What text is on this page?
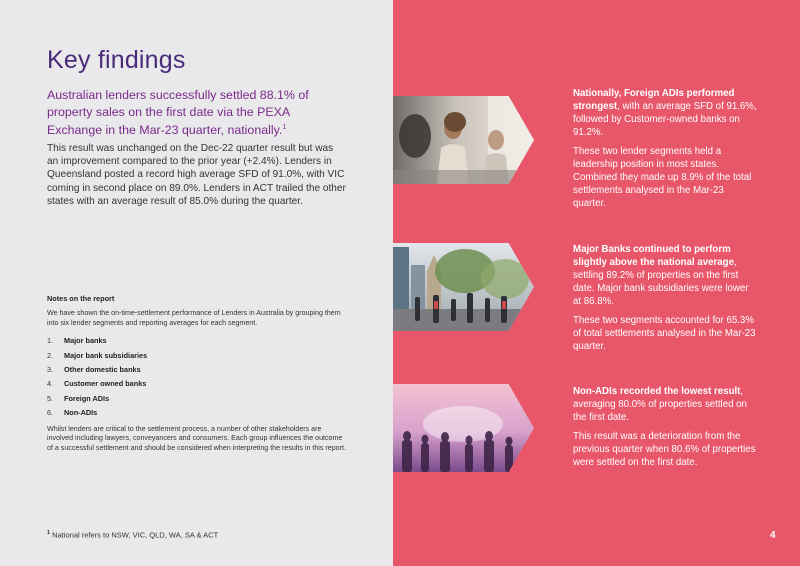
Key findings

Australian lenders successfully settled 88.1% of property sales on the first date via the PEXA Exchange in the Mar-23 quarter, nationally.$^1$

This result was unchanged on the Dec-22 quarter result but was an improvement compared to the prior year (+2.4%). Lenders in Queensland posted a record high average SFD of 91.0%, with VIC coming in second place on 89.0%. Lenders in ACT trailed the other states with an average result of 85.0% during the quarter.

Notes on the report

We have shown the on-time-settlement performance of Lenders in Australia by grouping them into six lender segments and reporting averages for each segment.

1. Major banks
2. Major bank subsidiaries
3. Other domestic banks
4. Customer owned banks
5. Foreign ADIs
6. Non-ADIs

Whilst lenders are critical to the settlement process, a number of other stakeholders are involved including lawyers, conveyancers and consumers. Each group influences the outcome of a successful settlement and should be considered when interpreting the results in this report.

$^1$ National refers to NSW, VIC, QLD, WA, SA & ACT

Nationally, Foreign ADIs performed strongest, with an average SFD of 91.6%, followed by Customer-owned banks on 91.2%.

These two lender segments held a leadership position in most states. Combined they made up 8.9% of the total settlements analysed in the Mar-23 quarter.

Major Banks continued to perform slightly above the national average, settling 89.2% of properties on the first date. Major bank subsidiaries were lower at 86.8%.

These two segments accounted for 65.3% of total settlements analysed in the Mar-23 quarter.

Non-ADIs recorded the lowest result, averaging 80.0% of properties settled on the first date.

This result was a deterioration from the previous quarter when 80.6% of properties were settled on the first date.

4
